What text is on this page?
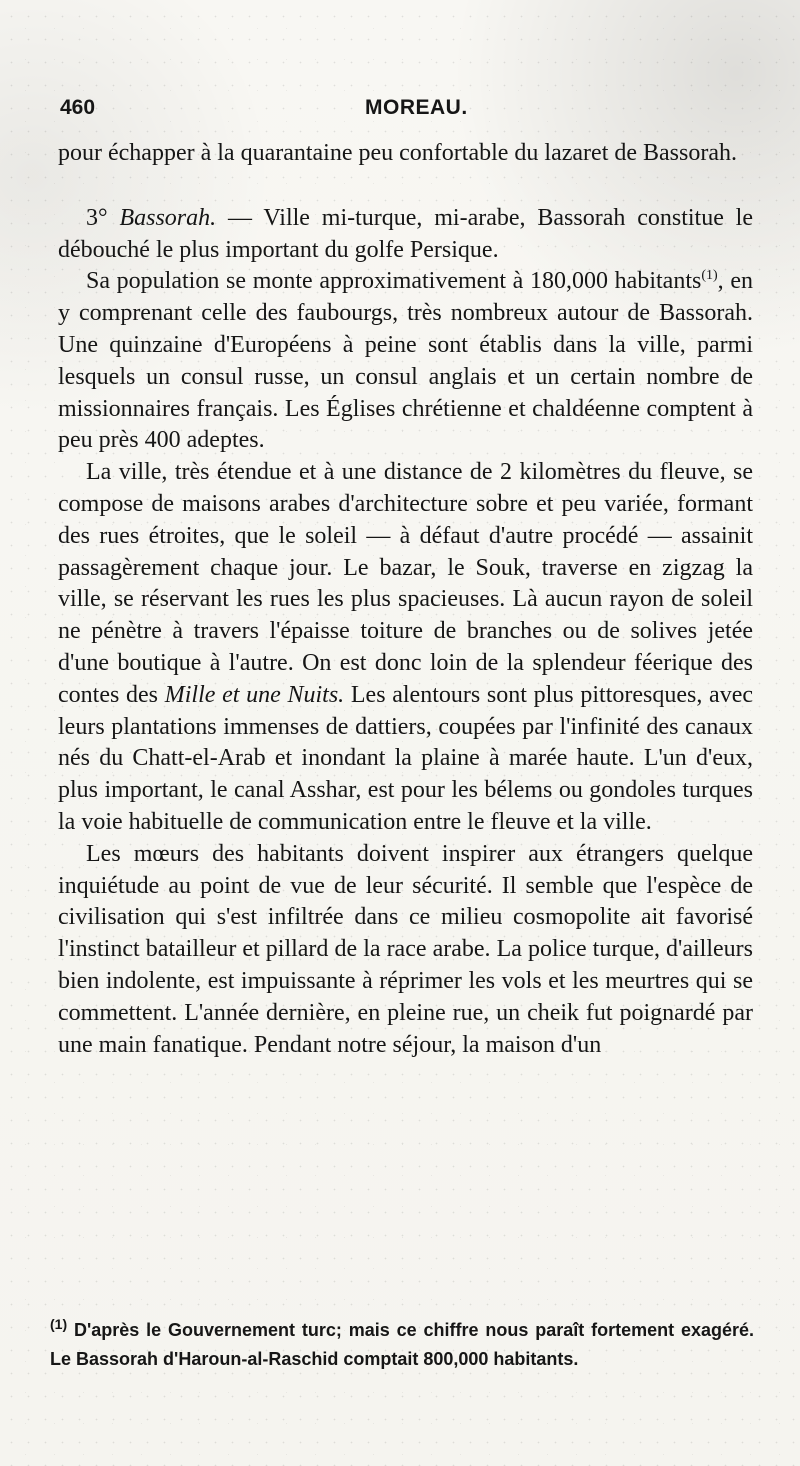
460	MOREAU.

pour échapper à la quarantaine peu confortable du lazaret de Bassorah.

3° Bassorah. — Ville mi-turque, mi-arabe, Bassorah constitue le débouché le plus important du golfe Persique.

Sa population se monte approximativement à 180,000 habitants$^{(1)}$, en y comprenant celle des faubourgs, très nombreux autour de Bassorah. Une quinzaine d'Européens à peine sont établis dans la ville, parmi lesquels un consul russe, un consul anglais et un certain nombre de missionnaires français. Les Églises chrétienne et chaldéenne comptent à peu près 400 adeptes.

La ville, très étendue et à une distance de 2 kilomètres du fleuve, se compose de maisons arabes d'architecture sobre et peu variée, formant des rues étroites, que le soleil — à défaut d'autre procédé — assainit passagèrement chaque jour. Le bazar, le Souk, traverse en zigzag la ville, se réservant les rues les plus spacieuses. Là aucun rayon de soleil ne pénètre à travers l'épaisse toiture de branches ou de solives jetée d'une boutique à l'autre. On est donc loin de la splendeur féerique des contes des Mille et une Nuits. Les alentours sont plus pittoresques, avec leurs plantations immenses de dattiers, coupées par l'infinité des canaux nés du Chatt-el-Arab et inondant la plaine à marée haute. L'un d'eux, plus important, le canal Asshar, est pour les bélems ou gondoles turques la voie habituelle de communication entre le fleuve et la ville.

Les mœurs des habitants doivent inspirer aux étrangers quelque inquiétude au point de vue de leur sécurité. Il semble que l'espèce de civilisation qui s'est infiltrée dans ce milieu cosmopolite ait favorisé l'instinct batailleur et pillard de la race arabe. La police turque, d'ailleurs bien indolente, est impuissante à réprimer les vols et les meurtres qui se commettent. L'année dernière, en pleine rue, un cheik fut poignardé par une main fanatique. Pendant notre séjour, la maison d'un

$^{(1)}$ D'après le Gouvernement turc; mais ce chiffre nous paraît fortement exagéré. Le Bassorah d'Haroun-al-Raschid comptait 800,000 habitants.
